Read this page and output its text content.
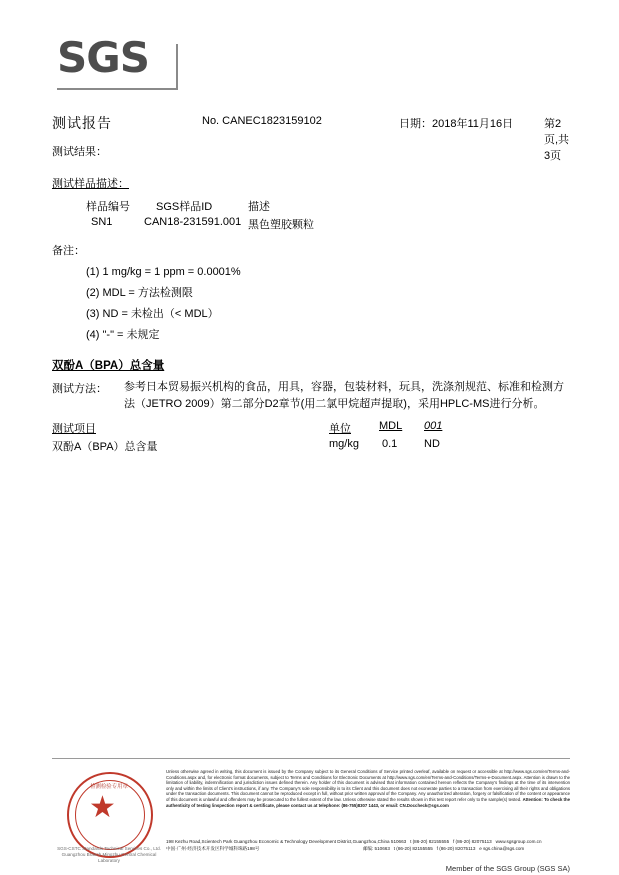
SGS
测试报告	No. CANEC1823159102	日期：2018年11月16日	第2页,共3页
测试结果：
测试样品描述：
样品编号 SGS样品ID	描述
SN1	CAN18-231591.001 黑色塑胶颗粒
备注：
(1) 1 mg/kg = 1 ppm = 0.0001%
(2) MDL = 方法检测限
(3) ND = 未检出（< MDL）
(4) "-" = 未规定
双酚A（BPA）总含量
测试方法： 参考日本贸易振兴机构的食品，用具，容器，包装材料，玩具，洗涤剂规范、标准和检测方
法（JETRO 2009）第二部分D2章节(用二氯甲烷超声提取)，采用HPLC-MS进行分析。
测试项目	单位	MDL 001
双酚A（BPA）总含量	mg/kg 0.1 ND
检测检验专用章
SGS-CSTC Standards Technical Services Co., Ltd.
Guangzhou Branch Mingzhu Central Chemical Laboratory
Unless otherwise agreed in writing, this document is issued by the Company subject to its General Conditions of Service printed overleaf, available on request or accessible at http://www.sgs.com/en/Terms-and-Conditions.aspx and, for electronic format documents, subject to Terms and Conditions for Electronic Documents at http://www.sgs.com/en/Terms-and-Conditions/Terms-e-Document.aspx. Attention is drawn to the limitation of liability, indemnification and jurisdiction issues defined therein. Any holder of this document is advised that information contained hereon reflects the Company's findings at the time of its intervention only and within the limits of Client's instructions, if any. The Company's sole responsibility is to its Client and this document does not exonerate parties to a transaction from exercising all their rights and obligations under the transaction documents. This document cannot be reproduced except in full, without prior written approval of the Company. Any unauthorized alteration, forgery or falsification of the content or appearance of this document is unlawful and offenders may be prosecuted to the fullest extent of the law. Unless otherwise stated the results shown in this test report refer only to the sample(s) tested. Attention: To check the authenticity of testing /inspection report & certificate, please contact us at telephone: (86-755)8307 1443, or email: CN.Doccheck@sgs.com
198 Kezhu Road,Scientech Park Guangzhou Economic & Technology Development District,Guangzhou,China 510663 t (86-20) 82155555 f (86-20) 82075113 www.sgsgroup.com.cn
中国·广州·经济技术开发区科学城科珠路198号	邮编: 510663 t (86-20) 82155555 f (86-20) 82075113 e sgs.china@sgs.com
Member of the SGS Group (SGS SA)
